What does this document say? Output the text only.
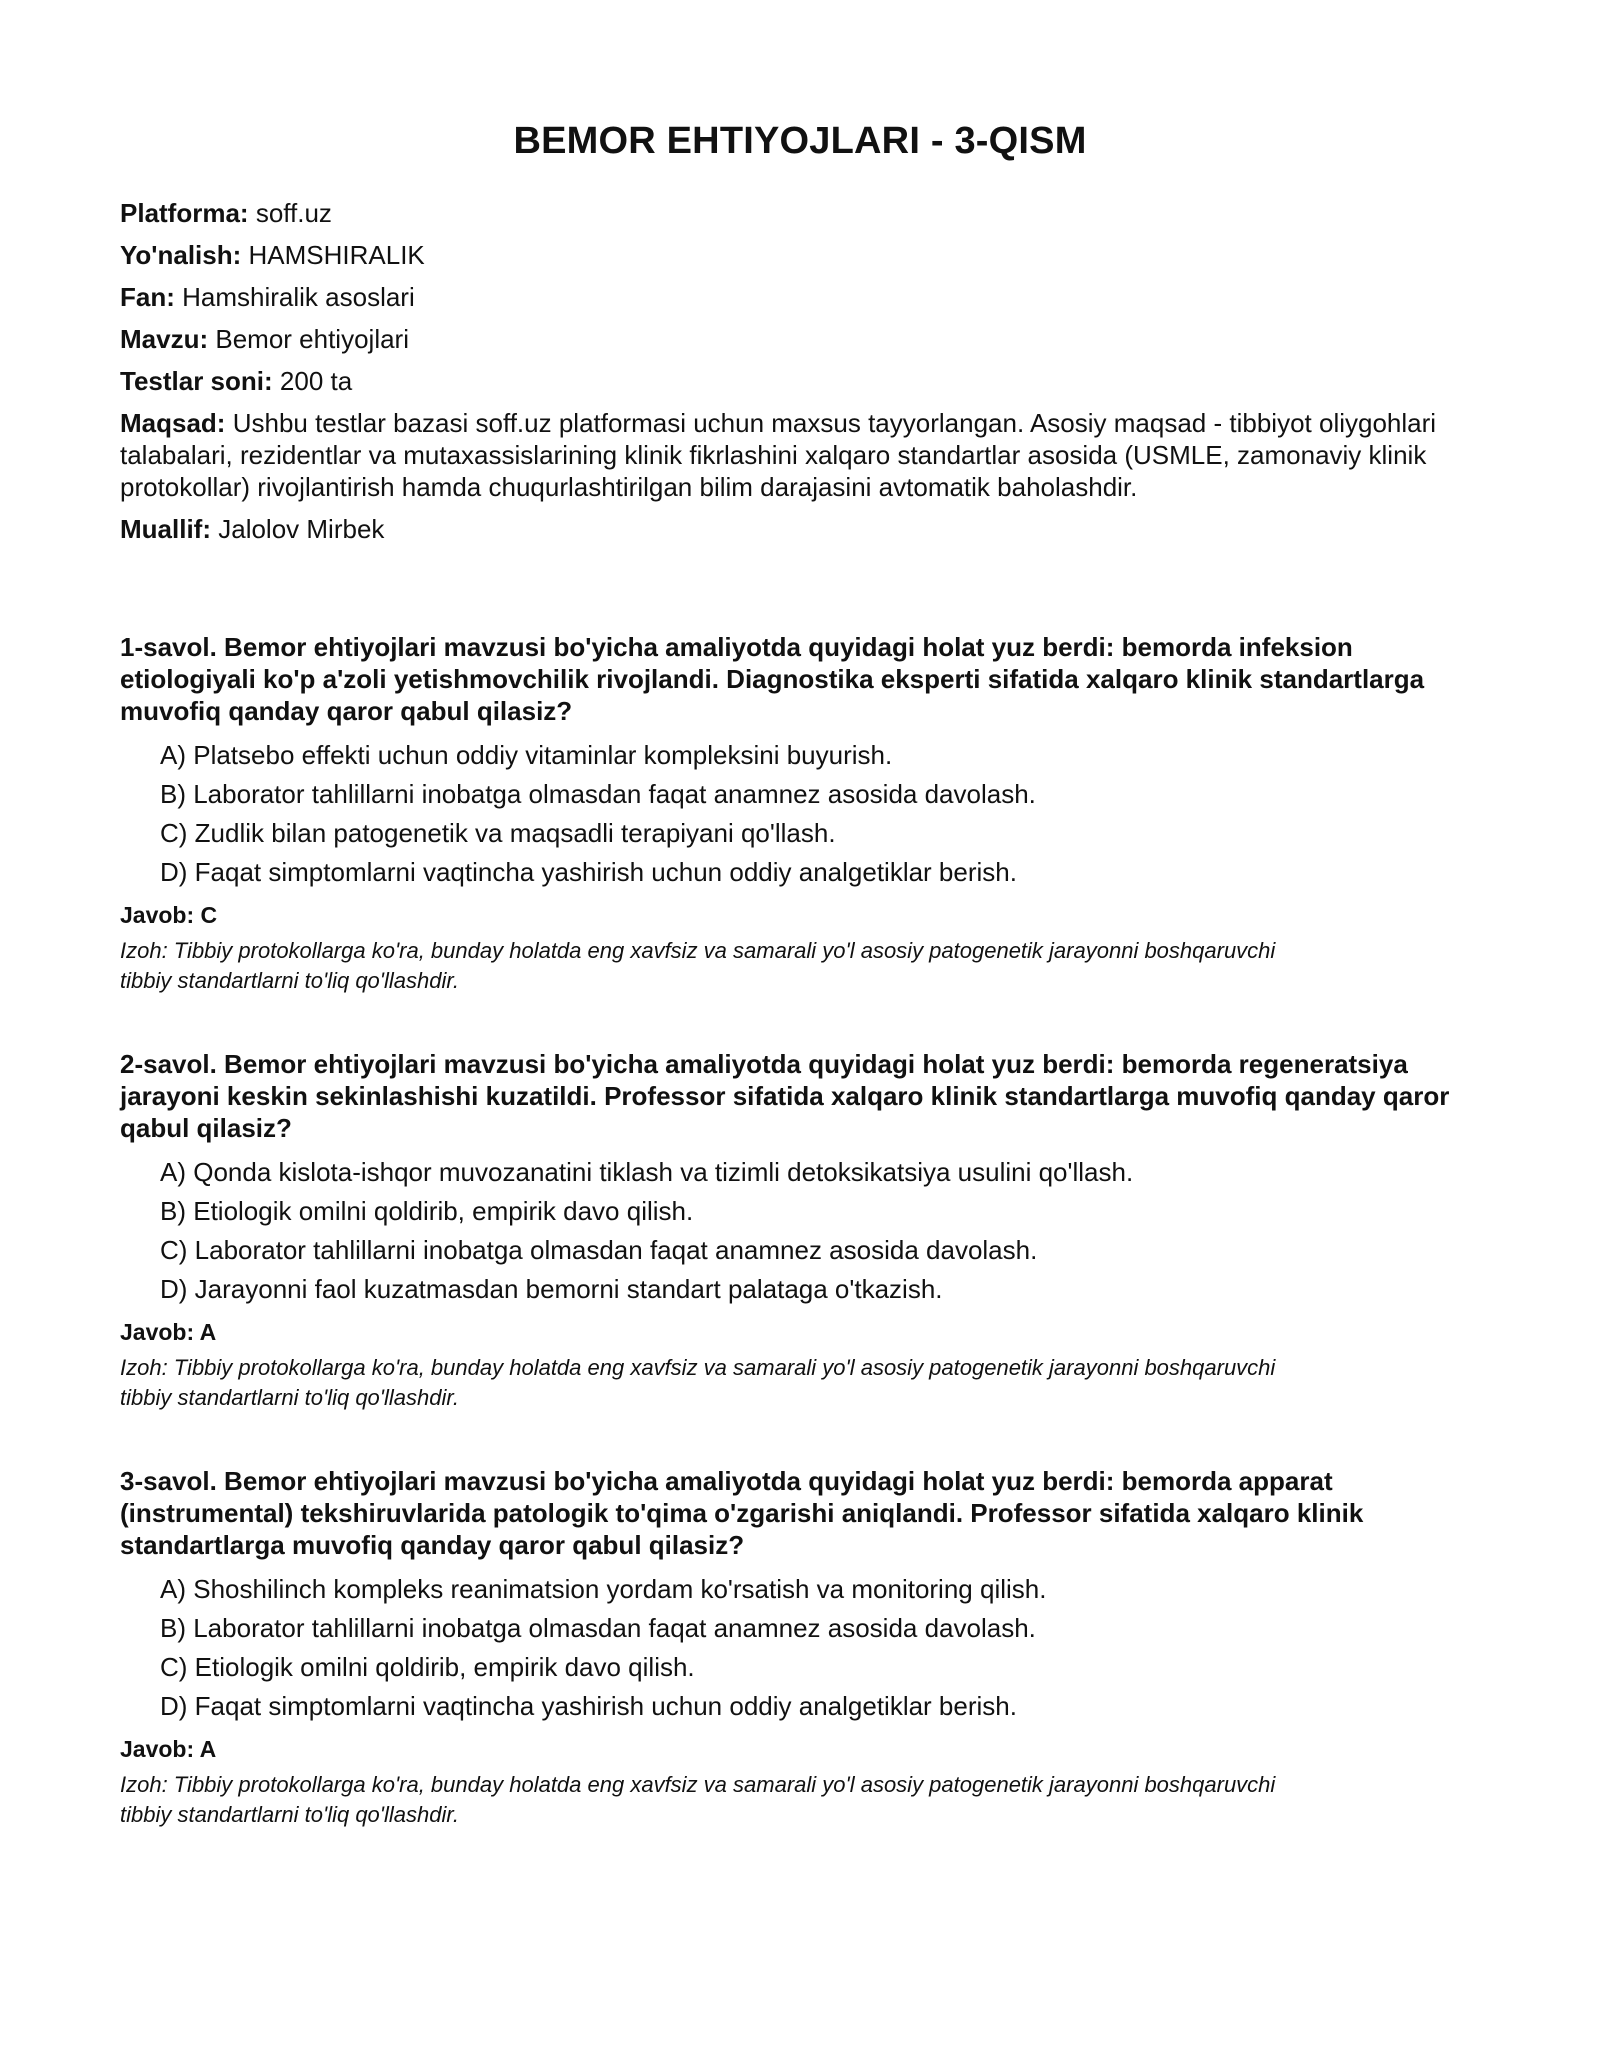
BEMOR EHTIYOJLARI - 3-QISM

Platforma: soff.uz

Yo'nalish: HAMSHIRALIK

Fan: Hamshiralik asoslari

Mavzu: Bemor ehtiyojlari

Testlar soni: 200 ta

Maqsad: Ushbu testlar bazasi soff.uz platformasi uchun maxsus tayyorlangan. Asosiy maqsad - tibbiyot oliygohlari talabalari, rezidentlar va mutaxassislarining klinik fikrlashini xalqaro standartlar asosida (USMLE, zamonaviy klinik protokollar) rivojlantirish hamda chuqurlashtirilgan bilim darajasini avtomatik baholashdir.

Muallif: Jalolov Mirbek

1-savol. Bemor ehtiyojlari mavzusi bo'yicha amaliyotda quyidagi holat yuz berdi: bemorda infeksion etiologiyali ko'p a'zoli yetishmovchilik rivojlandi. Diagnostika eksperti sifatida xalqaro klinik standartlarga muvofiq qanday qaror qabul qilasiz?

A) Platsebo effekti uchun oddiy vitaminlar kompleksini buyurish.
B) Laborator tahlillarni inobatga olmasdan faqat anamnez asosida davolash.
C) Zudlik bilan patogenetik va maqsadli terapiyani qo'llash.
D) Faqat simptomlarni vaqtincha yashirish uchun oddiy analgetiklar berish.

Javob: C

Izoh: Tibbiy protokollarga ko'ra, bunday holatda eng xavfsiz va samarali yo'l asosiy patogenetik jarayonni boshqaruvchi tibbiy standartlarni to'liq qo'llashdir.

2-savol. Bemor ehtiyojlari mavzusi bo'yicha amaliyotda quyidagi holat yuz berdi: bemorda regeneratsiya jarayoni keskin sekinlashishi kuzatildi. Professor sifatida xalqaro klinik standartlarga muvofiq qanday qaror qabul qilasiz?

A) Qonda kislota-ishqor muvozanatini tiklash va tizimli detoksikatsiya usulini qo'llash.
B) Etiologik omilni qoldirib, empirik davo qilish.
C) Laborator tahlillarni inobatga olmasdan faqat anamnez asosida davolash.
D) Jarayonni faol kuzatmasdan bemorni standart palataga o'tkazish.

Javob: A

Izoh: Tibbiy protokollarga ko'ra, bunday holatda eng xavfsiz va samarali yo'l asosiy patogenetik jarayonni boshqaruvchi tibbiy standartlarni to'liq qo'llashdir.

3-savol. Bemor ehtiyojlari mavzusi bo'yicha amaliyotda quyidagi holat yuz berdi: bemorda apparat (instrumental) tekshiruvlarida patologik to'qima o'zgarishi aniqlandi. Professor sifatida xalqaro klinik standartlarga muvofiq qanday qaror qabul qilasiz?

A) Shoshilinch kompleks reanimatsion yordam ko'rsatish va monitoring qilish.
B) Laborator tahlillarni inobatga olmasdan faqat anamnez asosida davolash.
C) Etiologik omilni qoldirib, empirik davo qilish.
D) Faqat simptomlarni vaqtincha yashirish uchun oddiy analgetiklar berish.

Javob: A

Izoh: Tibbiy protokollarga ko'ra, bunday holatda eng xavfsiz va samarali yo'l asosiy patogenetik jarayonni boshqaruvchi tibbiy standartlarni to'liq qo'llashdir.
